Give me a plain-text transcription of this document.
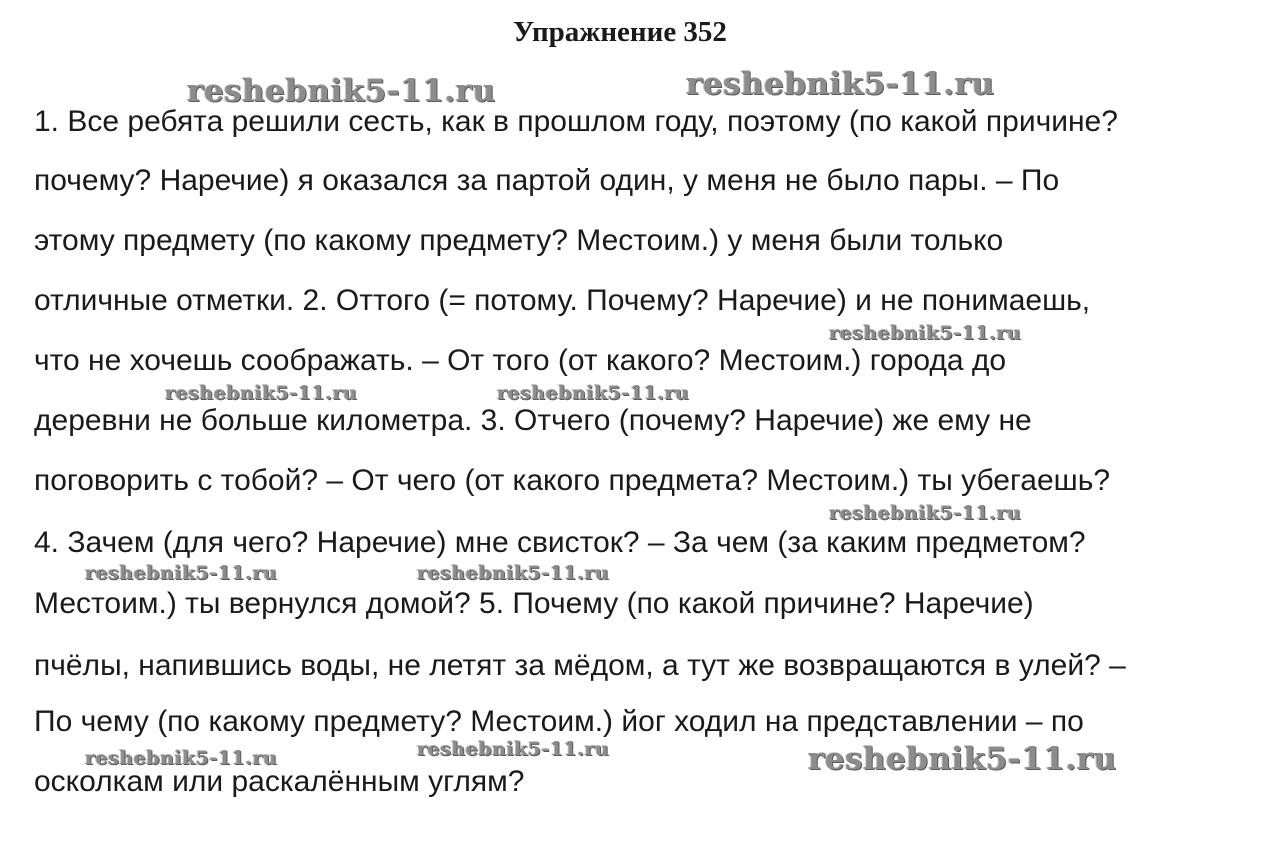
Упражнение 352
1. Все ребята решили сесть, как в прошлом году, поэтому (по какой причине?
почему? Наречие) я оказался за партой один, у меня не было пары. – По
этому предмету (по какому предмету? Местоим.) у меня были только
отличные отметки. 2. Оттого (= потому. Почему? Наречие) и не понимаешь,
что не хочешь соображать. – От того (от какого? Местоим.) города до
деревни не больше километра. 3. Отчего (почему? Наречие) же ему не
поговорить с тобой? – От чего (от какого предмета? Местоим.) ты убегаешь?
4. Зачем (для чего? Наречие) мне свисток? – За чем (за каким предметом?
Местоим.) ты вернулся домой? 5. Почему (по какой причине? Наречие)
пчёлы, напившись воды, не летят за мёдом, а тут же возвращаются в улей? –
По чему (по какому предмету? Местоим.) йог ходил на представлении – по
осколкам или раскалённым углям?
reshebnik5-11.ru	reshebnik5-11.ru
reshebnik5-11.ru
reshebnik5-11.ru	reshebnik5-11.ru
reshebnik5-11.ru
reshebnik5-11.ru	reshebnik5-11.ru
reshebnik5-11.ru	reshebnik5-11.ru	reshebnik5-11.ru
